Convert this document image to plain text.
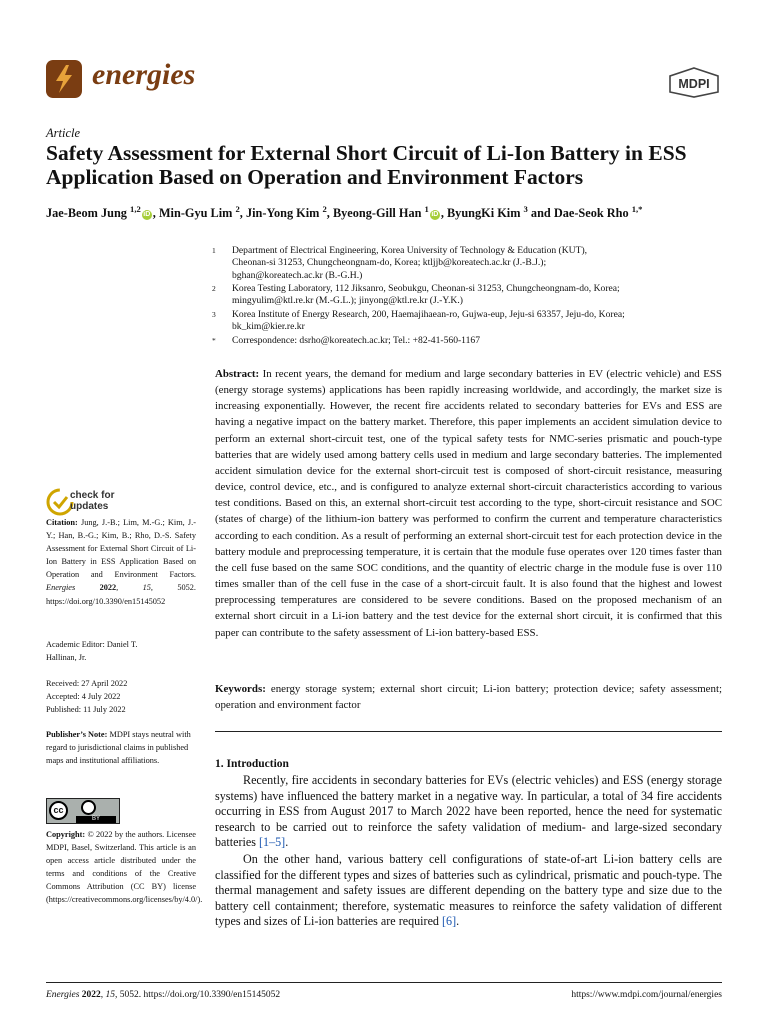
energies	MDPI
Article
Safety Assessment for External Short Circuit of Li-Ion Battery in ESS Application Based on Operation and Environment Factors
Jae-Beom Jung $^{1,2}$iD , Min-Gyu Lim $^2$, Jin-Yong Kim $^2$, Byeong-Gill Han $^1$iD , ByungKi Kim $^3$ and Dae-Seok Rho $^{1,*}$
1 Department of Electrical Engineering, Korea University of Technology & Education (KUT),
Cheonan-si 31253, Chungcheongnam-do, Korea; ktljjb@koreatech.ac.kr (J.-B.J.);
bghan@koreatech.ac.kr (B.-G.H.)
2 Korea Testing Laboratory, 112 Jiksanro, Seobukgu, Cheonan-si 31253, Chungcheongnam-do, Korea;
mingyulim@ktl.re.kr (M.-G.L.); jinyong@ktl.re.kr (J.-Y.K.)
3 Korea Institute of Energy Research, 200, Haemajihaean-ro, Gujwa-eup, Jeju-si 63357, Jeju-do, Korea;
bk_kim@kier.re.kr
* Correspondence: dsrho@koreatech.ac.kr; Tel.: +82-41-560-1167
Abstract: In recent years, the demand for medium and large secondary batteries in EV (electric vehicle) and ESS (energy storage systems) applications has been rapidly increasing worldwide, and accordingly, the market size is increasing exponentially. However, the recent fire accidents related to secondary batteries for EVs and ESS are having a negative impact on the battery market. Therefore, this paper implements an accident simulation device to perform an external short-circuit test, one of the typical safety tests for NMC-series prismatic and pouch-type batteries that are widely used among battery cells used in medium and large secondary batteries. The implemented accident simulation device for the external short-circuit test is composed of short-circuit resistance, measuring device, control device, etc., and is configured to analyze external short-circuit characteristics according to various test conditions. Based on this, an external short-circuit test according to the type, short-circuit resistance and SOC (states of charge) of the lithium-ion battery was performed to confirm the current and temperature characteristics according to each condition. As a result of performing an external short-circuit test for each protection device in the battery module and preprocessing temperature, it is certain that the module fuse operates over 120 times faster than the cell fuse based on the same SOC conditions, and the quantity of electric charge in the module fuse is over 110 times smaller than of the cell fuse in the case of a short-circuit fault. It is also found that the highest and lowest preprocessing temperatures are considered to be severe conditions. Based on the proposed mechanism of an external short circuit in a Li-ion battery and the test device for the external short circuit, it is confirmed that this paper can contribute to the safety assessment of Li-ion battery-based ESS.
Keywords: energy storage system; external short circuit; Li-ion battery; protection device; safety assessment; operation and environment factor
1. Introduction
Recently, fire accidents in secondary batteries for EVs (electric vehicles) and ESS (energy storage systems) have influenced the battery market in a negative way. In particular, a total of 34 fire accidents occurring in ESS from August 2017 to March 2022 have been reported, hence the need for systematic research to be carried out to reinforce the safety validation of medium- and large-sized secondary batteries [1–5].
On the other hand, various battery cell configurations of state-of-art Li-ion battery cells are classified for the different types and sizes of batteries such as cylindrical, prismatic and pouch-type. The thermal management and safety issues are different depending on the battery type and size due to the battery cell containment; therefore, systematic measures to reinforce the safety validation of different types and sizes of Li-ion batteries are required [6].
check for
updates
Citation: Jung, J.-B.; Lim, M.-G.; Kim, J.-Y.; Han, B.-G.; Kim, B.; Rho, D.-S. Safety Assessment for External Short Circuit of Li-Ion Battery in ESS Application Based on Operation and Environment Factors. Energies	2022, 15, 5052. https://doi.org/10.3390/en15145052
Academic Editor: Daniel T.
Hallinan, Jr.
Received: 27 April 2022
Accepted: 4 July 2022
Published: 11 July 2022
Publisher’s Note: MDPI stays neutral with regard to jurisdictional claims in published maps and institutional affiliations.
cc
BY
Copyright: © 2022 by the authors. Licensee MDPI, Basel, Switzerland. This article is an open access article distributed under the terms and conditions of the Creative Commons Attribution (CC BY) license (https://creativecommons.org/licenses/by/4.0/).
Energies 2022, 15, 5052. https://doi.org/10.3390/en15145052	https://www.mdpi.com/journal/energies
